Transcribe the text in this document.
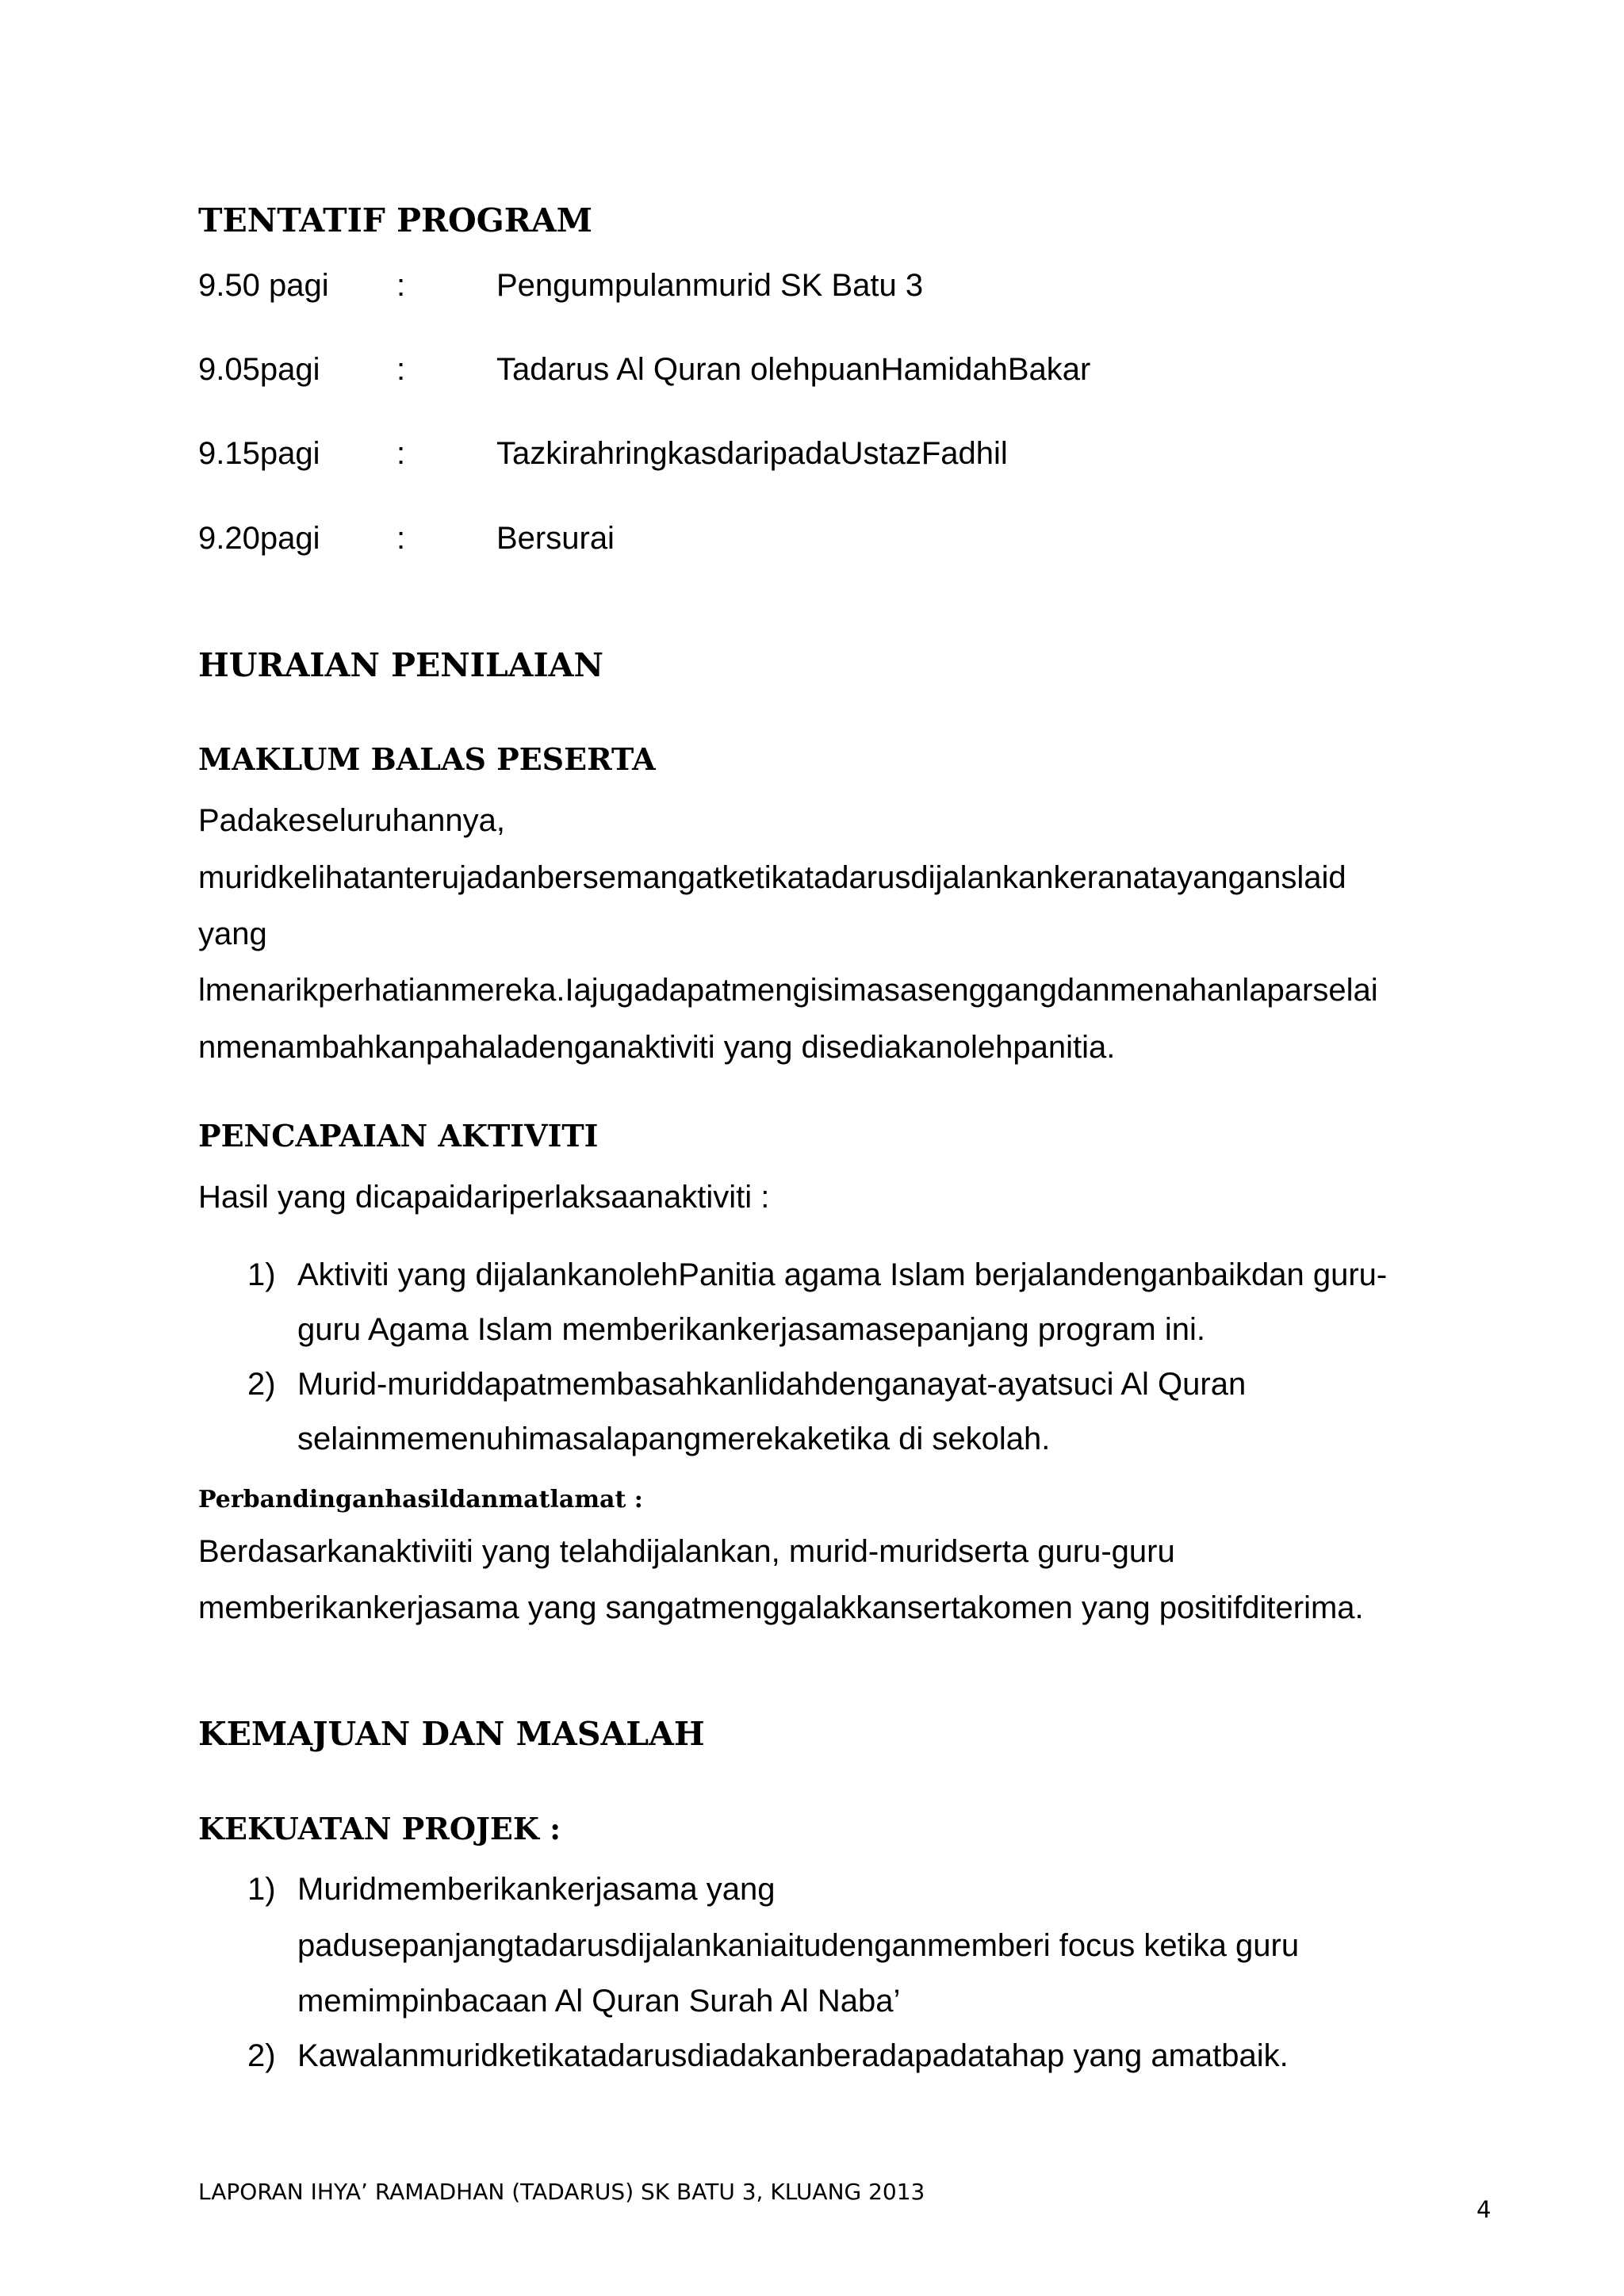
TENTATIF PROGRAM
9.50 pagi :	Pengumpulanmurid SK Batu 3
9.05pagi :	Tadarus Al Quran olehpuanHamidahBakar
9.15pagi :	TazkirahringkasdaripadaUstazFadhil
9.20pagi :	Bersurai
HURAIAN PENILAIAN
MAKLUM BALAS PESERTA
Padakeseluruhannya,
muridkelihatanterujadanbersemangatketikatadarusdijalankankeranatayanganslaid
yang
lmenarikperhatianmereka.Iajugadapatmengisimasasenggangdanmenahanlaparselai
nmenambahkanpahaladenganaktiviti yang disediakanolehpanitia.
PENCAPAIAN AKTIVITI
Hasil yang dicapaidariperlaksaanaktiviti :
1) Aktiviti yang dijalankanolehPanitia agama Islam berjalandenganbaikdan guru-
guru Agama Islam memberikankerjasamasepanjang program ini.
2) Murid-muriddapatmembasahkanlidahdenganayat-ayatsuci Al Quran
selainmemenuhimasalapangmerekaketika di sekolah.
Perbandinganhasildanmatlamat :
Berdasarkanaktiviiti yang telahdijalankan, murid-muridserta guru-guru
memberikankerjasama yang sangatmenggalakkansertakomen yang positifditerima.
KEMAJUAN DAN MASALAH
KEKUATAN PROJEK :
1) Muridmemberikankerjasama yang
padusepanjangtadarusdijalankaniaitudenganmemberi focus ketika guru
memimpinbacaan Al Quran Surah Al Naba’
2) Kawalanmuridketikatadarusdiadakanberadapadatahap yang amatbaik.
LAPORAN IHYA’ RAMADHAN (TADARUS) SK BATU 3, KLUANG 2013
4
